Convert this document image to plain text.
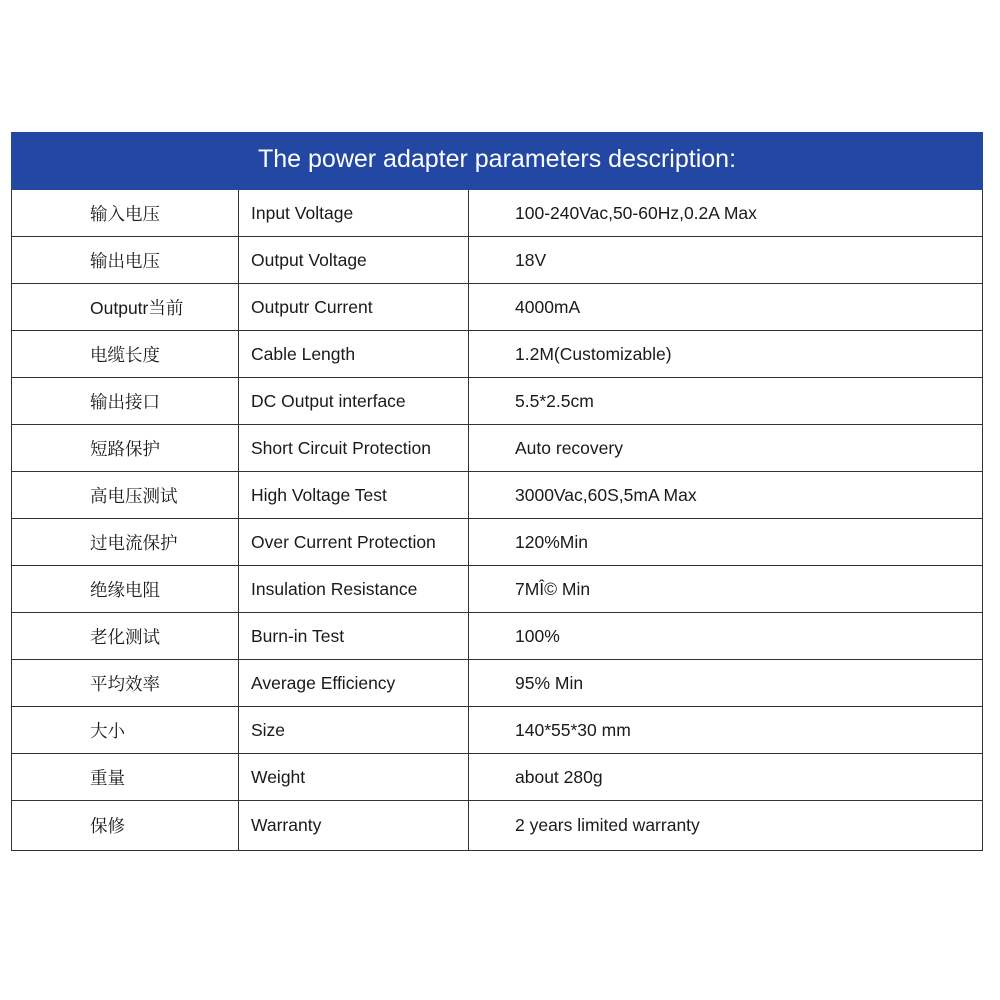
The power adapter parameters description:		
输入电压	Input Voltage	100-240Vac,50-60Hz,0.2A Max
输出电压	Output Voltage	18V
Outputr当前	Outputr Current	4000mA
电缆长度	Cable Length	1.2M(Customizable)
输出接口	DC Output interface	5.5*2.5cm
短路保护	Short Circuit Protection	Auto recovery
高电压测试	High Voltage Test	3000Vac,60S,5mA Max
过电流保护	Over Current Protection	120%Min
绝缘电阻	Insulation Resistance	7MÎ© Min
老化测试	Burn-in Test	100%
平均效率	Average Efficiency	95% Min
大小	Size	140*55*30 mm
重量	Weight	about 280g
保修	Warranty	2 years limited warranty
